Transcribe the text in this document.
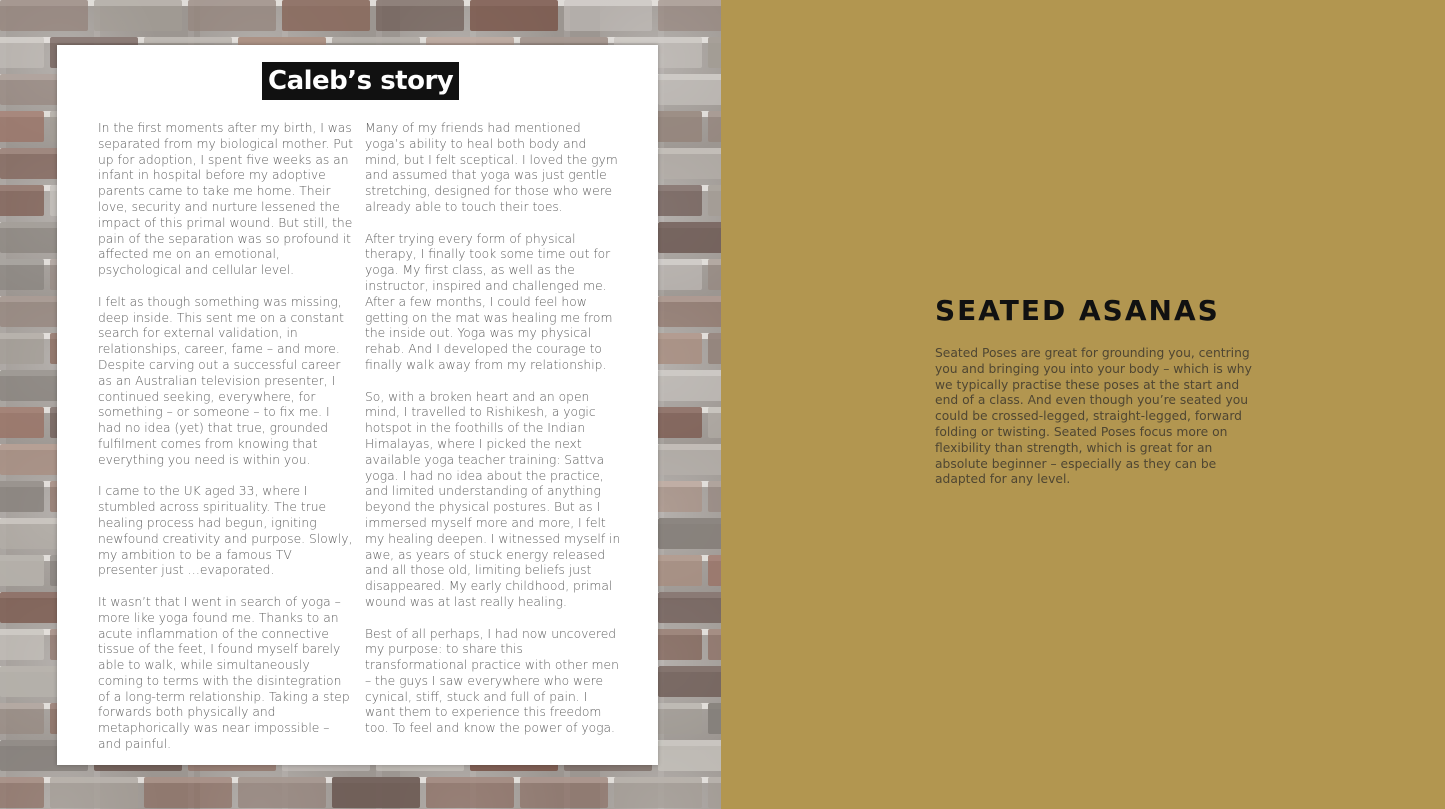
Caleb’s story

In the first moments after my birth, I was separated from my biological mother. Put up for adoption, I spent five weeks as an infant in hospital before my adoptive parents came to take me home. Their love, security and nurture lessened the impact of this primal wound. But still, the pain of the separation was so profound it affected me on an emotional, psychological and cellular level.

I felt as though something was missing, deep inside. This sent me on a constant search for external validation, in relationships, career, fame – and more. Despite carving out a successful career as an Australian television presenter, I continued seeking, everywhere, for something – or someone – to fix me. I had no idea (yet) that true, grounded fulfilment comes from knowing that everything you need is within you.

I came to the UK aged 33, where I stumbled across spirituality. The true healing process had begun, igniting newfound creativity and purpose. Slowly, my ambition to be a famous TV presenter just …evaporated.

It wasn’t that I went in search of yoga – more like yoga found me. Thanks to an acute inflammation of the connective tissue of the feet, I found myself barely able to walk, while simultaneously coming to terms with the disintegration of a long-term relationship. Taking a step forwards both physically and metaphorically was near impossible – and painful.

Many of my friends had mentioned yoga’s ability to heal both body and mind, but I felt sceptical. I loved the gym and assumed that yoga was just gentle stretching, designed for those who were already able to touch their toes.

After trying every form of physical therapy, I finally took some time out for yoga. My first class, as well as the instructor, inspired and challenged me. After a few months, I could feel how getting on the mat was healing me from the inside out. Yoga was my physical rehab. And I developed the courage to finally walk away from my relationship.

So, with a broken heart and an open mind, I travelled to Rishikesh, a yogic hotspot in the foothills of the Indian Himalayas, where I picked the next available yoga teacher training: Sattva yoga. I had no idea about the practice, and limited understanding of anything beyond the physical postures. But as I immersed myself more and more, I felt my healing deepen. I witnessed myself in awe, as years of stuck energy released and all those old, limiting beliefs just disappeared. My early childhood, primal wound was at last really healing.

Best of all perhaps, I had now uncovered my purpose: to share this transformational practice with other men – the guys I saw everywhere who were cynical, stiff, stuck and full of pain. I want them to experience this freedom too. To feel and know the power of yoga.

SEATED ASANAS

Seated Poses are great for grounding you, centring you and bringing you into your body – which is why we typically practise these poses at the start and end of a class. And even though you’re seated you could be crossed-legged, straight-legged, forward folding or twisting. Seated Poses focus more on flexibility than strength, which is great for an absolute beginner – especially as they can be adapted for any level.
